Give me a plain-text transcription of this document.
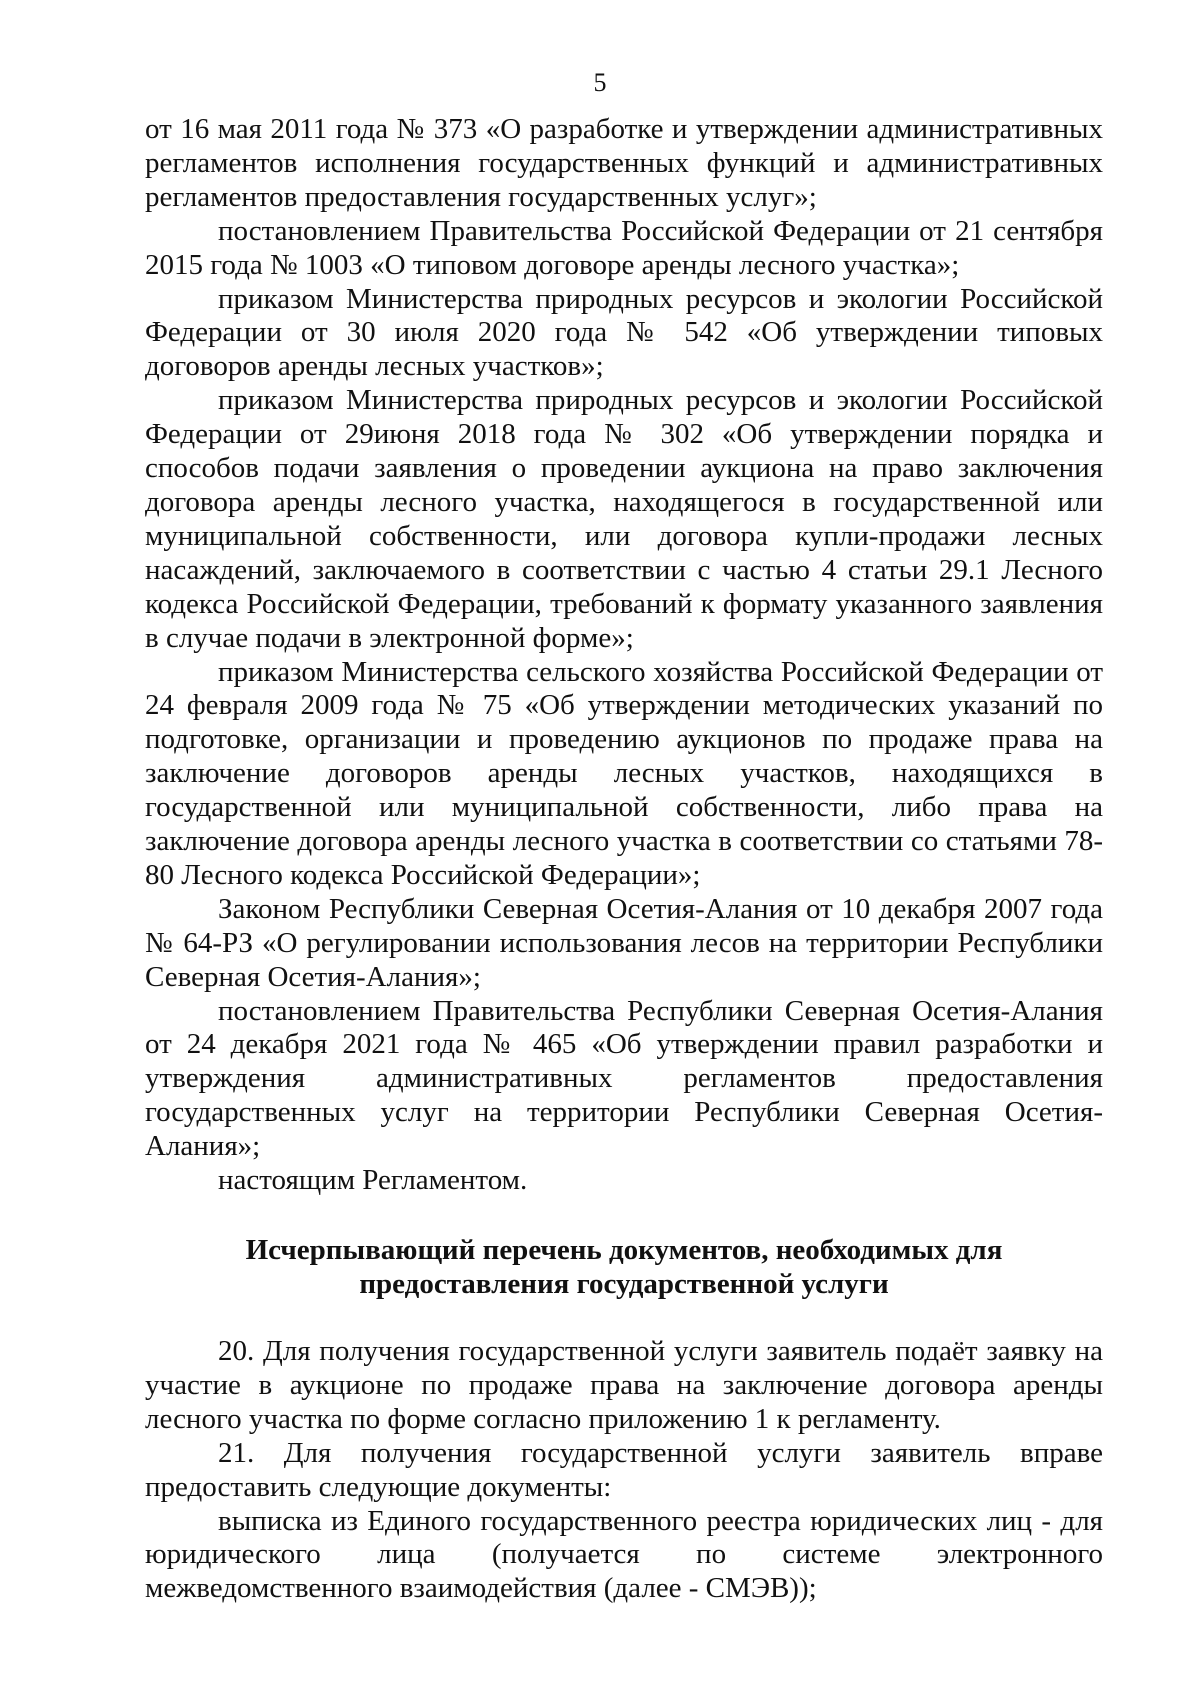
5

от 16 мая 2011 года № 373 «О разработке и утверждении административных регламентов исполнения государственных функций и административных регламентов предоставления государственных услуг»;

постановлением Правительства Российской Федерации от 21 сентября 2015 года № 1003 «О типовом договоре аренды лесного участка»;

приказом Министерства природных ресурсов и экологии Российской Федерации от 30 июля 2020 года № 542 «Об утверждении типовых договоров аренды лесных участков»;

приказом Министерства природных ресурсов и экологии Российской Федерации от 29июня 2018 года № 302 «Об утверждении порядка и способов подачи заявления о проведении аукциона на право заключения договора аренды лесного участка, находящегося в государственной или муниципальной собственности, или договора купли-продажи лесных насаждений, заключаемого в соответствии с частью 4 статьи 29.1 Лесного кодекса Российской Федерации, требований к формату указанного заявления в случае подачи в электронной форме»;

приказом Министерства сельского хозяйства Российской Федерации от 24 февраля 2009 года № 75 «Об утверждении методических указаний по подготовке, организации и проведению аукционов по продаже права на заключение договоров аренды лесных участков, находящихся в государственной или муниципальной собственности, либо права на заключение договора аренды лесного участка в соответствии со статьями 78-80 Лесного кодекса Российской Федерации»;

Законом Республики Северная Осетия-Алания от 10 декабря 2007 года № 64-РЗ «О регулировании использования лесов на территории Республики Северная Осетия-Алания»;

постановлением Правительства Республики Северная Осетия-Алания от 24 декабря 2021 года № 465 «Об утверждении правил разработки и утверждения административных регламентов предоставления государственных услуг на территории Республики Северная Осетия-Алания»;

настоящим Регламентом.

Исчерпывающий перечень документов, необходимых для

предоставления государственной услуги

20. Для получения государственной услуги заявитель подаёт заявку на участие в аукционе по продаже права на заключение договора аренды лесного участка по форме согласно приложению 1 к регламенту.

21. Для получения государственной услуги заявитель вправе предоставить следующие документы:

выписка из Единого государственного реестра юридических лиц - для юридического лица (получается по системе электронного межведомственного взаимодействия (далее - СМЭВ));
